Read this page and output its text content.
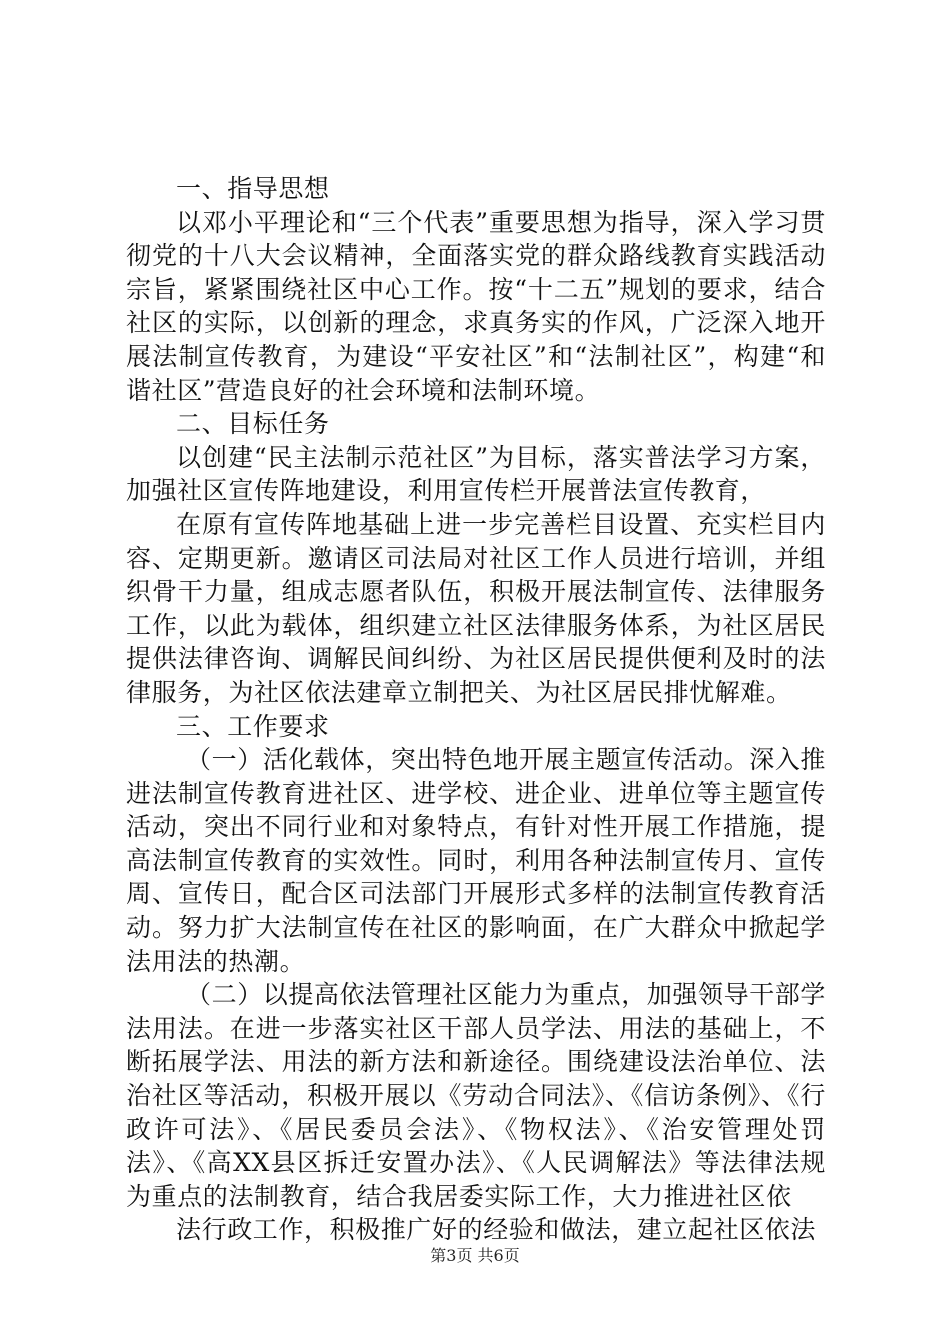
一、指导思想

以邓小平理论和“三个代表”重要思想为指导，深入学习贯彻党的十八大会议精神，全面落实党的群众路线教育实践活动宗旨，紧紧围绕社区中心工作。按“十二五”规划的要求，结合社区的实际，以创新的理念，求真务实的作风，广泛深入地开展法制宣传教育，为建设“平安社区”和“法制社区”，构建“和谐社区”营造良好的社会环境和法制环境。

二、目标任务

以创建“民主法制示范社区”为目标，落实普法学习方案，加强社区宣传阵地建设，利用宣传栏开展普法宣传教育，

在原有宣传阵地基础上进一步完善栏目设置、充实栏目内容、定期更新。邀请区司法局对社区工作人员进行培训，并组织骨干力量，组成志愿者队伍，积极开展法制宣传、法律服务工作，以此为载体，组织建立社区法律服务体系，为社区居民提供法律咨询、调解民间纠纷、为社区居民提供便利及时的法律服务，为社区依法建章立制把关、为社区居民排忧解难。

三、工作要求

（一）活化载体，突出特色地开展主题宣传活动。深入推进法制宣传教育进社区、进学校、进企业、进单位等主题宣传活动，突出不同行业和对象特点，有针对性开展工作措施，提高法制宣传教育的实效性。同时，利用各种法制宣传月、宣传周、宣传日，配合区司法部门开展形式多样的法制宣传教育活动。努力扩大法制宣传在社区的影响面，在广大群众中掀起学法用法的热潮。

（二）以提高依法管理社区能力为重点，加强领导干部学法用法。在进一步落实社区干部人员学法、用法的基础上，不断拓展学法、用法的新方法和新途径。围绕建设法治单位、法治社区等活动，积极开展以《劳动合同法》、《信访条例》、《行政许可法》、《居民委员会法》、《物权法》、《治安管理处罚法》、《高XX县区拆迁安置办法》、《人民调解法》等法律法规为重点的法制教育，结合我居委实际工作，大力推进社区依

法行政工作，积极推广好的经验和做法，建立起社区依法

第3页 共6页
